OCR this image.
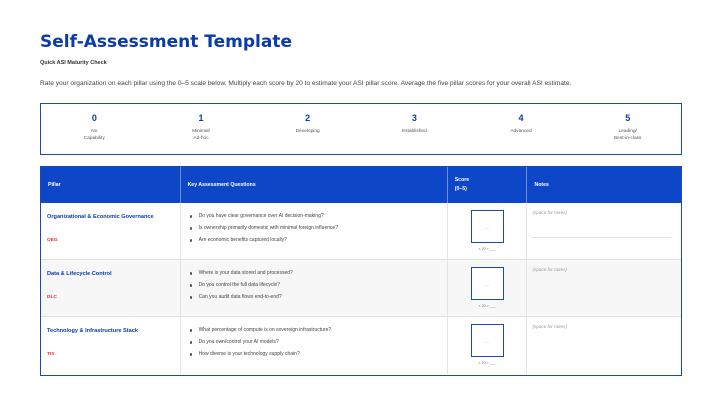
Self-Assessment Template
Quick ASI Maturity Check
Rate your organization on each pillar using the 0–5 scale below. Multiply each score by 20 to estimate your ASI pillar score. Average the five pillar scores for your overall ASI estimate.
0
No
Capability
1
Minimal/
Ad-hoc
2
Developing
3
Established
4
Advanced
5
Leading/
Best-in-class
Pillar	Key Assessment Questions
Score
(0–5)
Notes
Organizational & Economic Governance
OEG
Do you have clear governance over AI decision-making?
Is ownership primarily domestic with minimal foreign influence?
Are economic benefits captured locally?
___
× 20 = ___
(space for notes)
Data & Lifecycle Control
DLC
Where is your data stored and processed?
Do you control the full data lifecycle?
Can you audit data flows end-to-end?
___
× 20 = ___
(space for notes)
Technology & Infrastructure Stack
TIS
What percentage of compute is on sovereign infrastructure?
Do you own/control your AI models?
How diverse is your technology supply chain?
___
× 20 = ___
(space for notes)
